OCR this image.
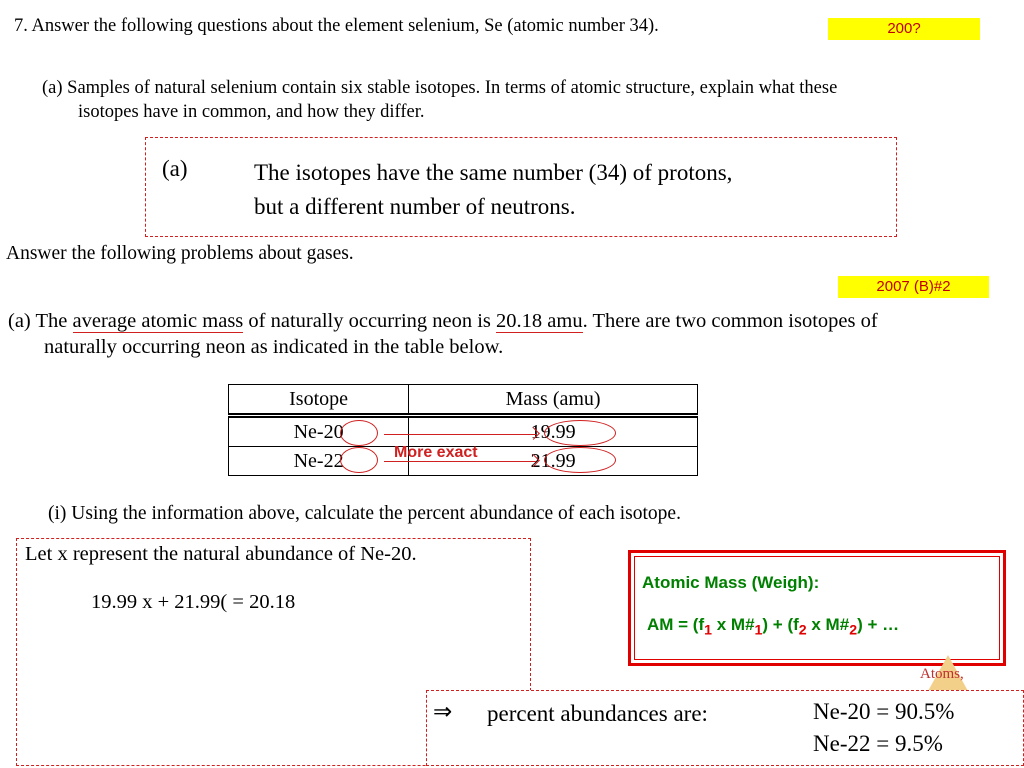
7. Answer the following questions about the element selenium, Se (atomic number 34).	200?
(a) Samples of natural selenium contain six stable isotopes. In terms of atomic structure, explain what these
isotopes have in common, and how they differ.
(a)	The isotopes have the same number (34) of protons,
but a different number of neutrons.
Answer the following problems about gases.
2007 (B)#2
(a) The average atomic mass of naturally occurring neon is 20.18 amu. There are two common isotopes of
naturally occurring neon as indicated in the table below.
Isotope	Mass (amu)
Ne-20	19.99
Ne-22	21.99
More exact
(i) Using the information above, calculate the percent abundance of each isotope.
Let x represent the natural abundance of Ne-20.
19.99 x + 21.99( = 20.18
Atomic Mass (Weigh):
AM = ($f_1$ x $M\#_1) + (f_2$ x $M\#_2$) + …
Atoms,
⇒ percent abundances are:	Ne-20 = 90.5%
Ne-22 = 9.5%
